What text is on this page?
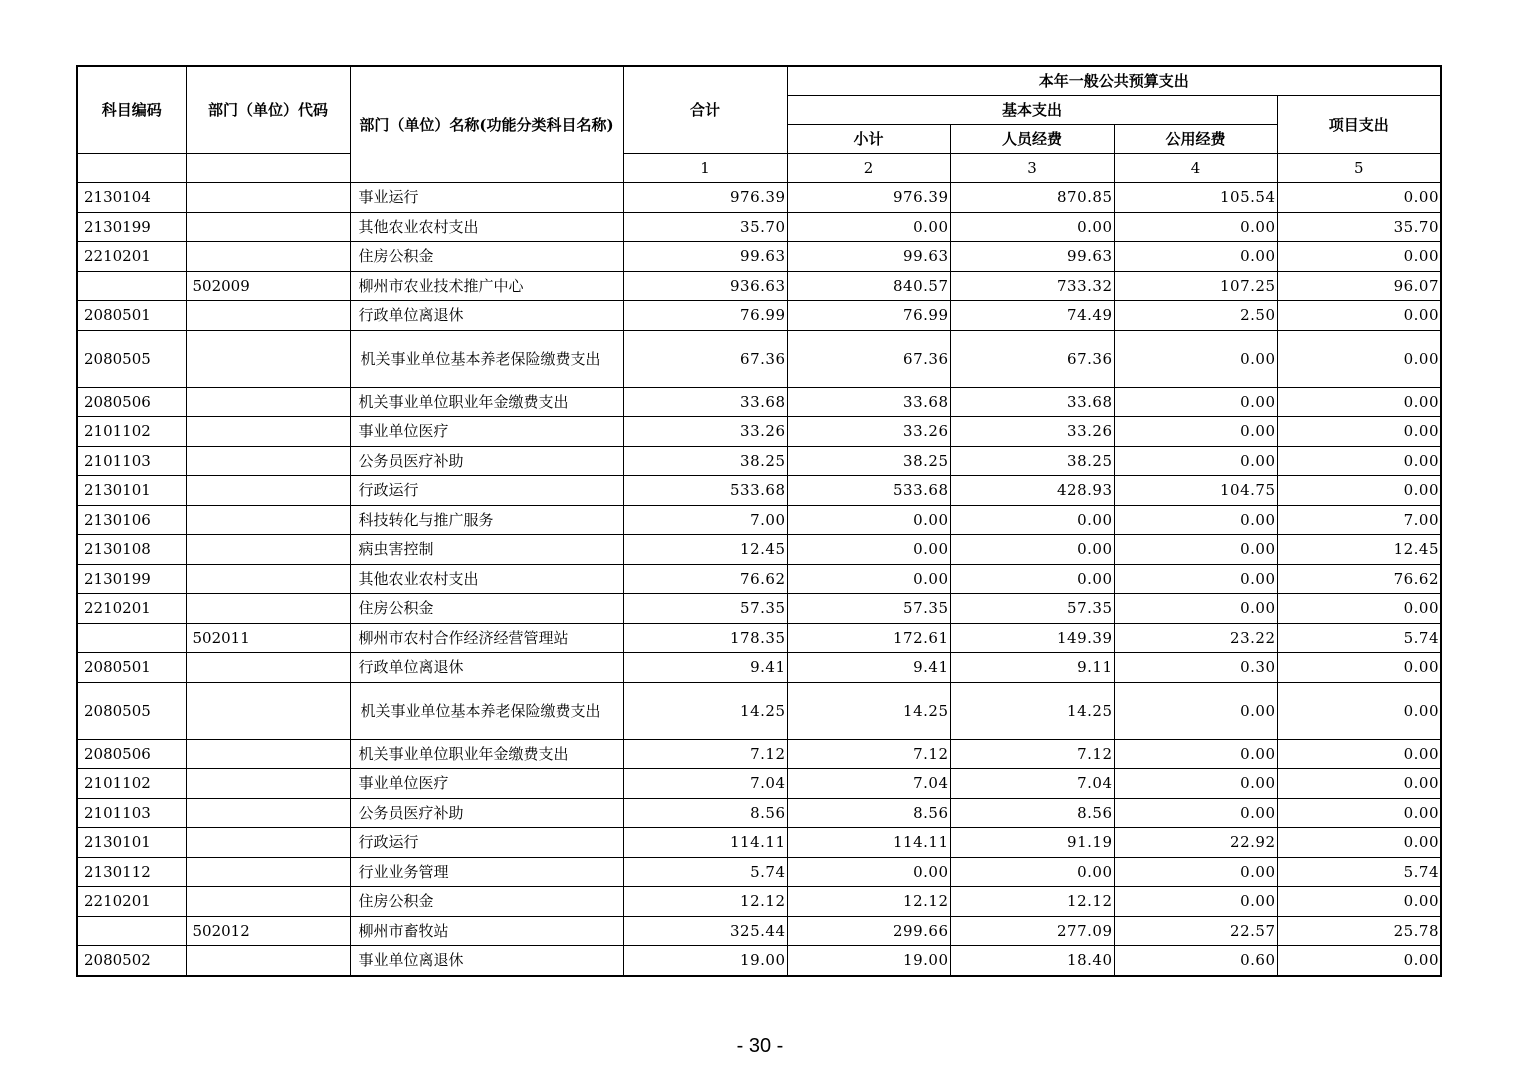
科目编码	部门（单位）代码	部门（单位）名称(功能分类科目名称)	合计	本年一般公共预算支出			
				基本支出			项目支出
				小计	人员经费	公用经费	
			1	2	3	4	5
2130104		事业运行	976.39	976.39	870.85	105.54	0.00
2130199		其他农业农村支出	35.70	0.00	0.00	0.00	35.70
2210201		住房公积金	99.63	99.63	99.63	0.00	0.00
	502009	柳州市农业技术推广中心	936.63	840.57	733.32	107.25	96.07
2080501		行政单位离退休	76.99	76.99	74.49	2.50	0.00
2080505		机关事业单位基本养老保险缴费支出	67.36	67.36	67.36	0.00	0.00
2080506		机关事业单位职业年金缴费支出	33.68	33.68	33.68	0.00	0.00
2101102		事业单位医疗	33.26	33.26	33.26	0.00	0.00
2101103		公务员医疗补助	38.25	38.25	38.25	0.00	0.00
2130101		行政运行	533.68	533.68	428.93	104.75	0.00
2130106		科技转化与推广服务	7.00	0.00	0.00	0.00	7.00
2130108		病虫害控制	12.45	0.00	0.00	0.00	12.45
2130199		其他农业农村支出	76.62	0.00	0.00	0.00	76.62
2210201		住房公积金	57.35	57.35	57.35	0.00	0.00
	502011	柳州市农村合作经济经营管理站	178.35	172.61	149.39	23.22	5.74
2080501		行政单位离退休	9.41	9.41	9.11	0.30	0.00
2080505		机关事业单位基本养老保险缴费支出	14.25	14.25	14.25	0.00	0.00
2080506		机关事业单位职业年金缴费支出	7.12	7.12	7.12	0.00	0.00
2101102		事业单位医疗	7.04	7.04	7.04	0.00	0.00
2101103		公务员医疗补助	8.56	8.56	8.56	0.00	0.00
2130101		行政运行	114.11	114.11	91.19	22.92	0.00
2130112		行业业务管理	5.74	0.00	0.00	0.00	5.74
2210201		住房公积金	12.12	12.12	12.12	0.00	0.00
	502012	柳州市畜牧站	325.44	299.66	277.09	22.57	25.78
2080502		事业单位离退休	19.00	19.00	18.40	0.60	0.00
- 30 -
